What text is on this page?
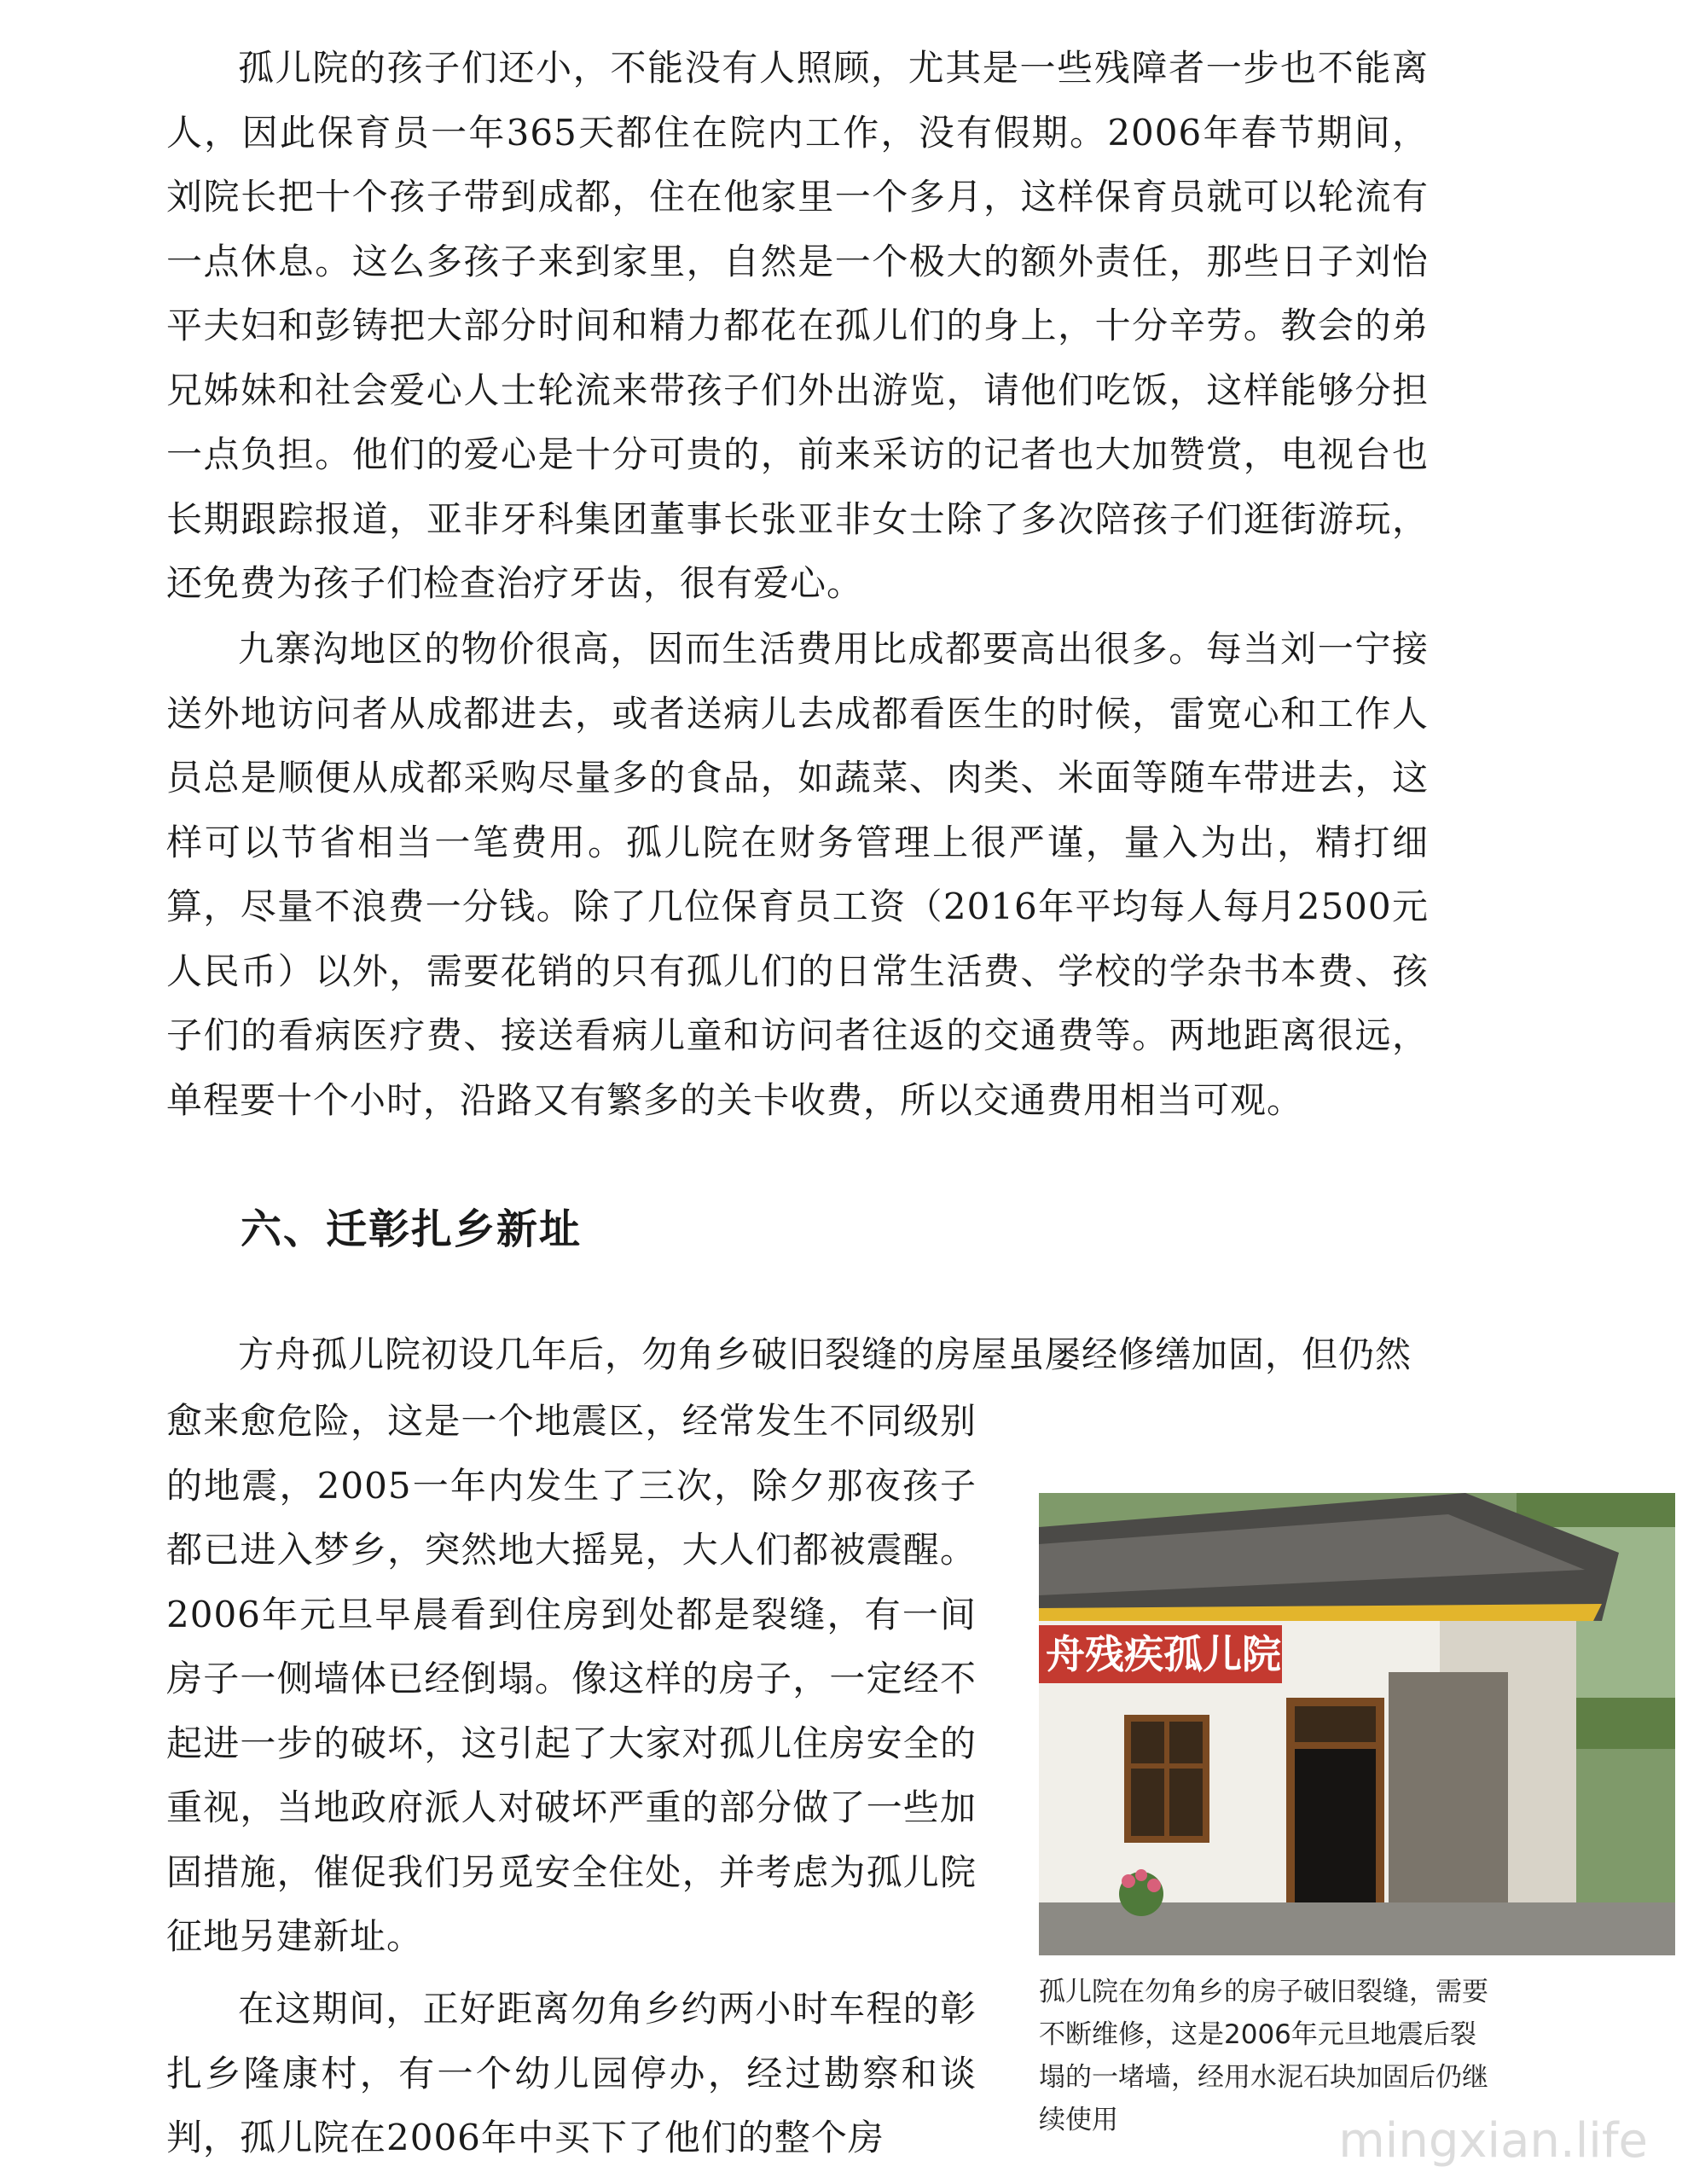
孤儿院的孩子们还小，不能没有人照顾，尤其是一些残障者一步也不能离人，因此保育员一年365天都住在院内工作，没有假期。2006年春节期间，刘院长把十个孩子带到成都，住在他家里一个多月，这样保育员就可以轮流有一点休息。这么多孩子来到家里，自然是一个极大的额外责任，那些日子刘怡平夫妇和彭铸把大部分时间和精力都花在孤儿们的身上，十分辛劳。教会的弟兄姊妹和社会爱心人士轮流来带孩子们外出游览，请他们吃饭，这样能够分担一点负担。他们的爱心是十分可贵的，前来采访的记者也大加赞赏，电视台也长期跟踪报道，亚非牙科集团董事长张亚非女士除了多次陪孩子们逛街游玩，还免费为孩子们检查治疗牙齿，很有爱心。

九寨沟地区的物价很高，因而生活费用比成都要高出很多。每当刘一宁接送外地访问者从成都进去，或者送病儿去成都看医生的时候，雷宽心和工作人员总是顺便从成都采购尽量多的食品，如蔬菜、肉类、米面等随车带进去，这样可以节省相当一笔费用。孤儿院在财务管理上很严谨，量入为出，精打细算，尽量不浪费一分钱。除了几位保育员工资（2016年平均每人每月2500元人民币）以外，需要花销的只有孤儿们的日常生活费、学校的学杂书本费、孩子们的看病医疗费、接送看病儿童和访问者往返的交通费等。两地距离很远，单程要十个小时，沿路又有繁多的关卡收费，所以交通费用相当可观。

六、迁彰扎乡新址

方舟孤儿院初设几年后，勿角乡破旧裂缝的房屋虽屡经修缮加固，但仍然

愈来愈危险，这是一个地震区，经常发生不同级别的地震，2005一年内发生了三次，除夕那夜孩子都已进入梦乡，突然地大摇晃，大人们都被震醒。2006年元旦早晨看到住房到处都是裂缝，有一间房子一侧墙体已经倒塌。像这样的房子，一定经不起进一步的破坏，这引起了大家对孤儿住房安全的重视，当地政府派人对破坏严重的部分做了一些加固措施，催促我们另觅安全住处，并考虑为孤儿院征地另建新址。

在这期间，正好距离勿角乡约两小时车程的彰扎乡隆康村，有一个幼儿园停办，经过勘察和谈判，孤儿院在2006年中买下了他们的整个房

舟残疾孤儿院

孤儿院在勿角乡的房子破旧裂缝，需要不断维修，这是2006年元旦地震后裂塌的一堵墙，经用水泥石块加固后仍继续使用	mingxian.life
